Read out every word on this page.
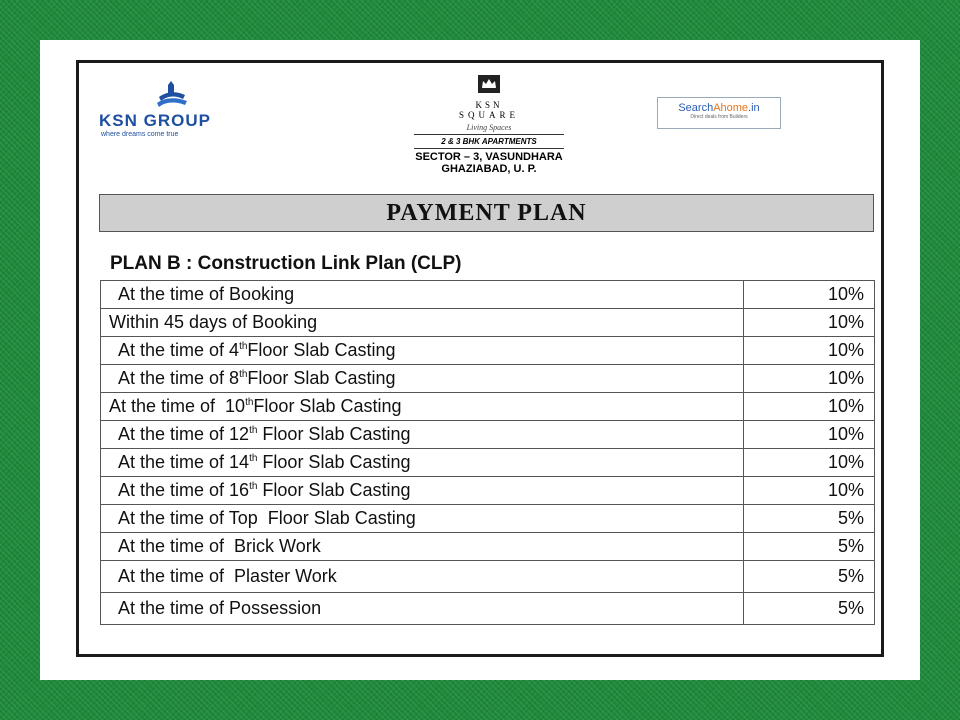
KSN GROUP
where dreams come true
KSN
SQUARE
Living Spaces
2 & 3 BHK APARTMENTS
SECTOR – 3, VASUNDHARA
GHAZIABAD, U. P.
SearchAhome.in
Direct deals from Builders
PAYMENT PLAN
PLAN B : Construction Link Plan (CLP)
At the time of Booking	10%
Within 45 days of Booking	10%
At the time of 4thFloor Slab Casting	10%
At the time of 8thFloor Slab Casting	10%
At the time of  10thFloor Slab Casting	10%
At the time of 12th Floor Slab Casting	10%
At the time of 14th Floor Slab Casting	10%
At the time of 16th Floor Slab Casting	10%
At the time of Top  Floor Slab Casting	5%
At the time of  Brick Work	5%
At the time of  Plaster Work	5%
At the time of Possession	5%
